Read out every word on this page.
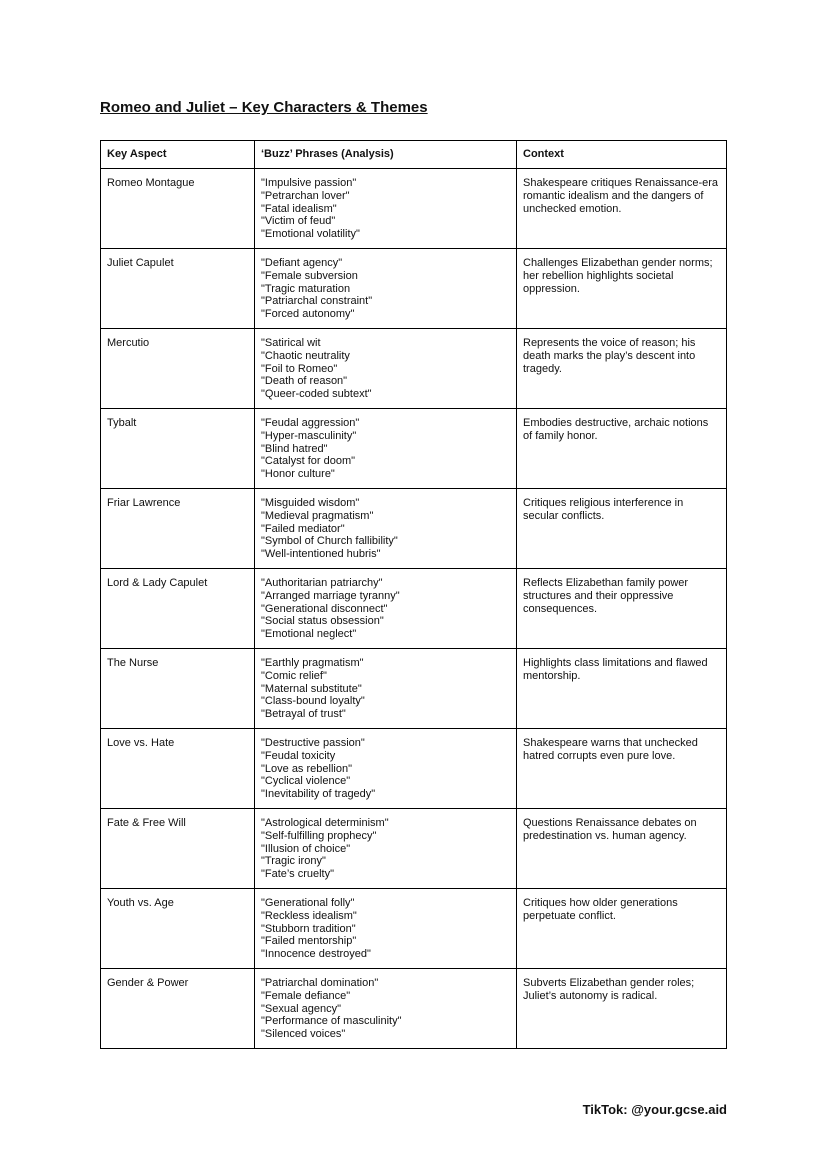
Romeo and Juliet – Key Characters & Themes
Key Aspect	‘Buzz’ Phrases (Analysis)	Context
Romeo Montague	"Impulsive passion"
"Petrarchan lover"
"Fatal idealism"
"Victim of feud"
"Emotional volatility"	Shakespeare critiques Renaissance-era romantic idealism and the dangers of unchecked emotion.
Juliet Capulet	"Defiant agency"
"Female subversion
"Tragic maturation
"Patriarchal constraint"
"Forced autonomy"	Challenges Elizabethan gender norms; her rebellion highlights societal oppression.
Mercutio	"Satirical wit
"Chaotic neutrality
"Foil to Romeo"
"Death of reason"
"Queer-coded subtext"	Represents the voice of reason; his death marks the play’s descent into tragedy.
Tybalt	"Feudal aggression"
"Hyper-masculinity"
"Blind hatred"
"Catalyst for doom"
"Honor culture"	Embodies destructive, archaic notions of family honor.
Friar Lawrence	"Misguided wisdom"
"Medieval pragmatism"
"Failed mediator"
"Symbol of Church fallibility"
"Well-intentioned hubris"	Critiques religious interference in secular conflicts.
Lord & Lady Capulet	"Authoritarian patriarchy"
"Arranged marriage tyranny"
"Generational disconnect"
"Social status obsession"
"Emotional neglect"	Reflects Elizabethan family power structures and their oppressive consequences.
The Nurse	"Earthly pragmatism"
"Comic relief"
"Maternal substitute"
"Class-bound loyalty"
"Betrayal of trust"	Highlights class limitations and flawed mentorship.
Love vs. Hate	"Destructive passion"
"Feudal toxicity
"Love as rebellion"
"Cyclical violence"
"Inevitability of tragedy"	Shakespeare warns that unchecked hatred corrupts even pure love.
Fate & Free Will	"Astrological determinism"
"Self-fulfilling prophecy"
"Illusion of choice"
"Tragic irony"
"Fate’s cruelty"	Questions Renaissance debates on predestination vs. human agency.
Youth vs. Age	"Generational folly"
"Reckless idealism"
"Stubborn tradition"
"Failed mentorship"
"Innocence destroyed"	Critiques how older generations perpetuate conflict.
Gender & Power	"Patriarchal domination"
"Female defiance"
"Sexual agency"
"Performance of masculinity"
"Silenced voices"	Subverts Elizabethan gender roles; Juliet’s autonomy is radical.
TikTok: @your.gcse.aid
